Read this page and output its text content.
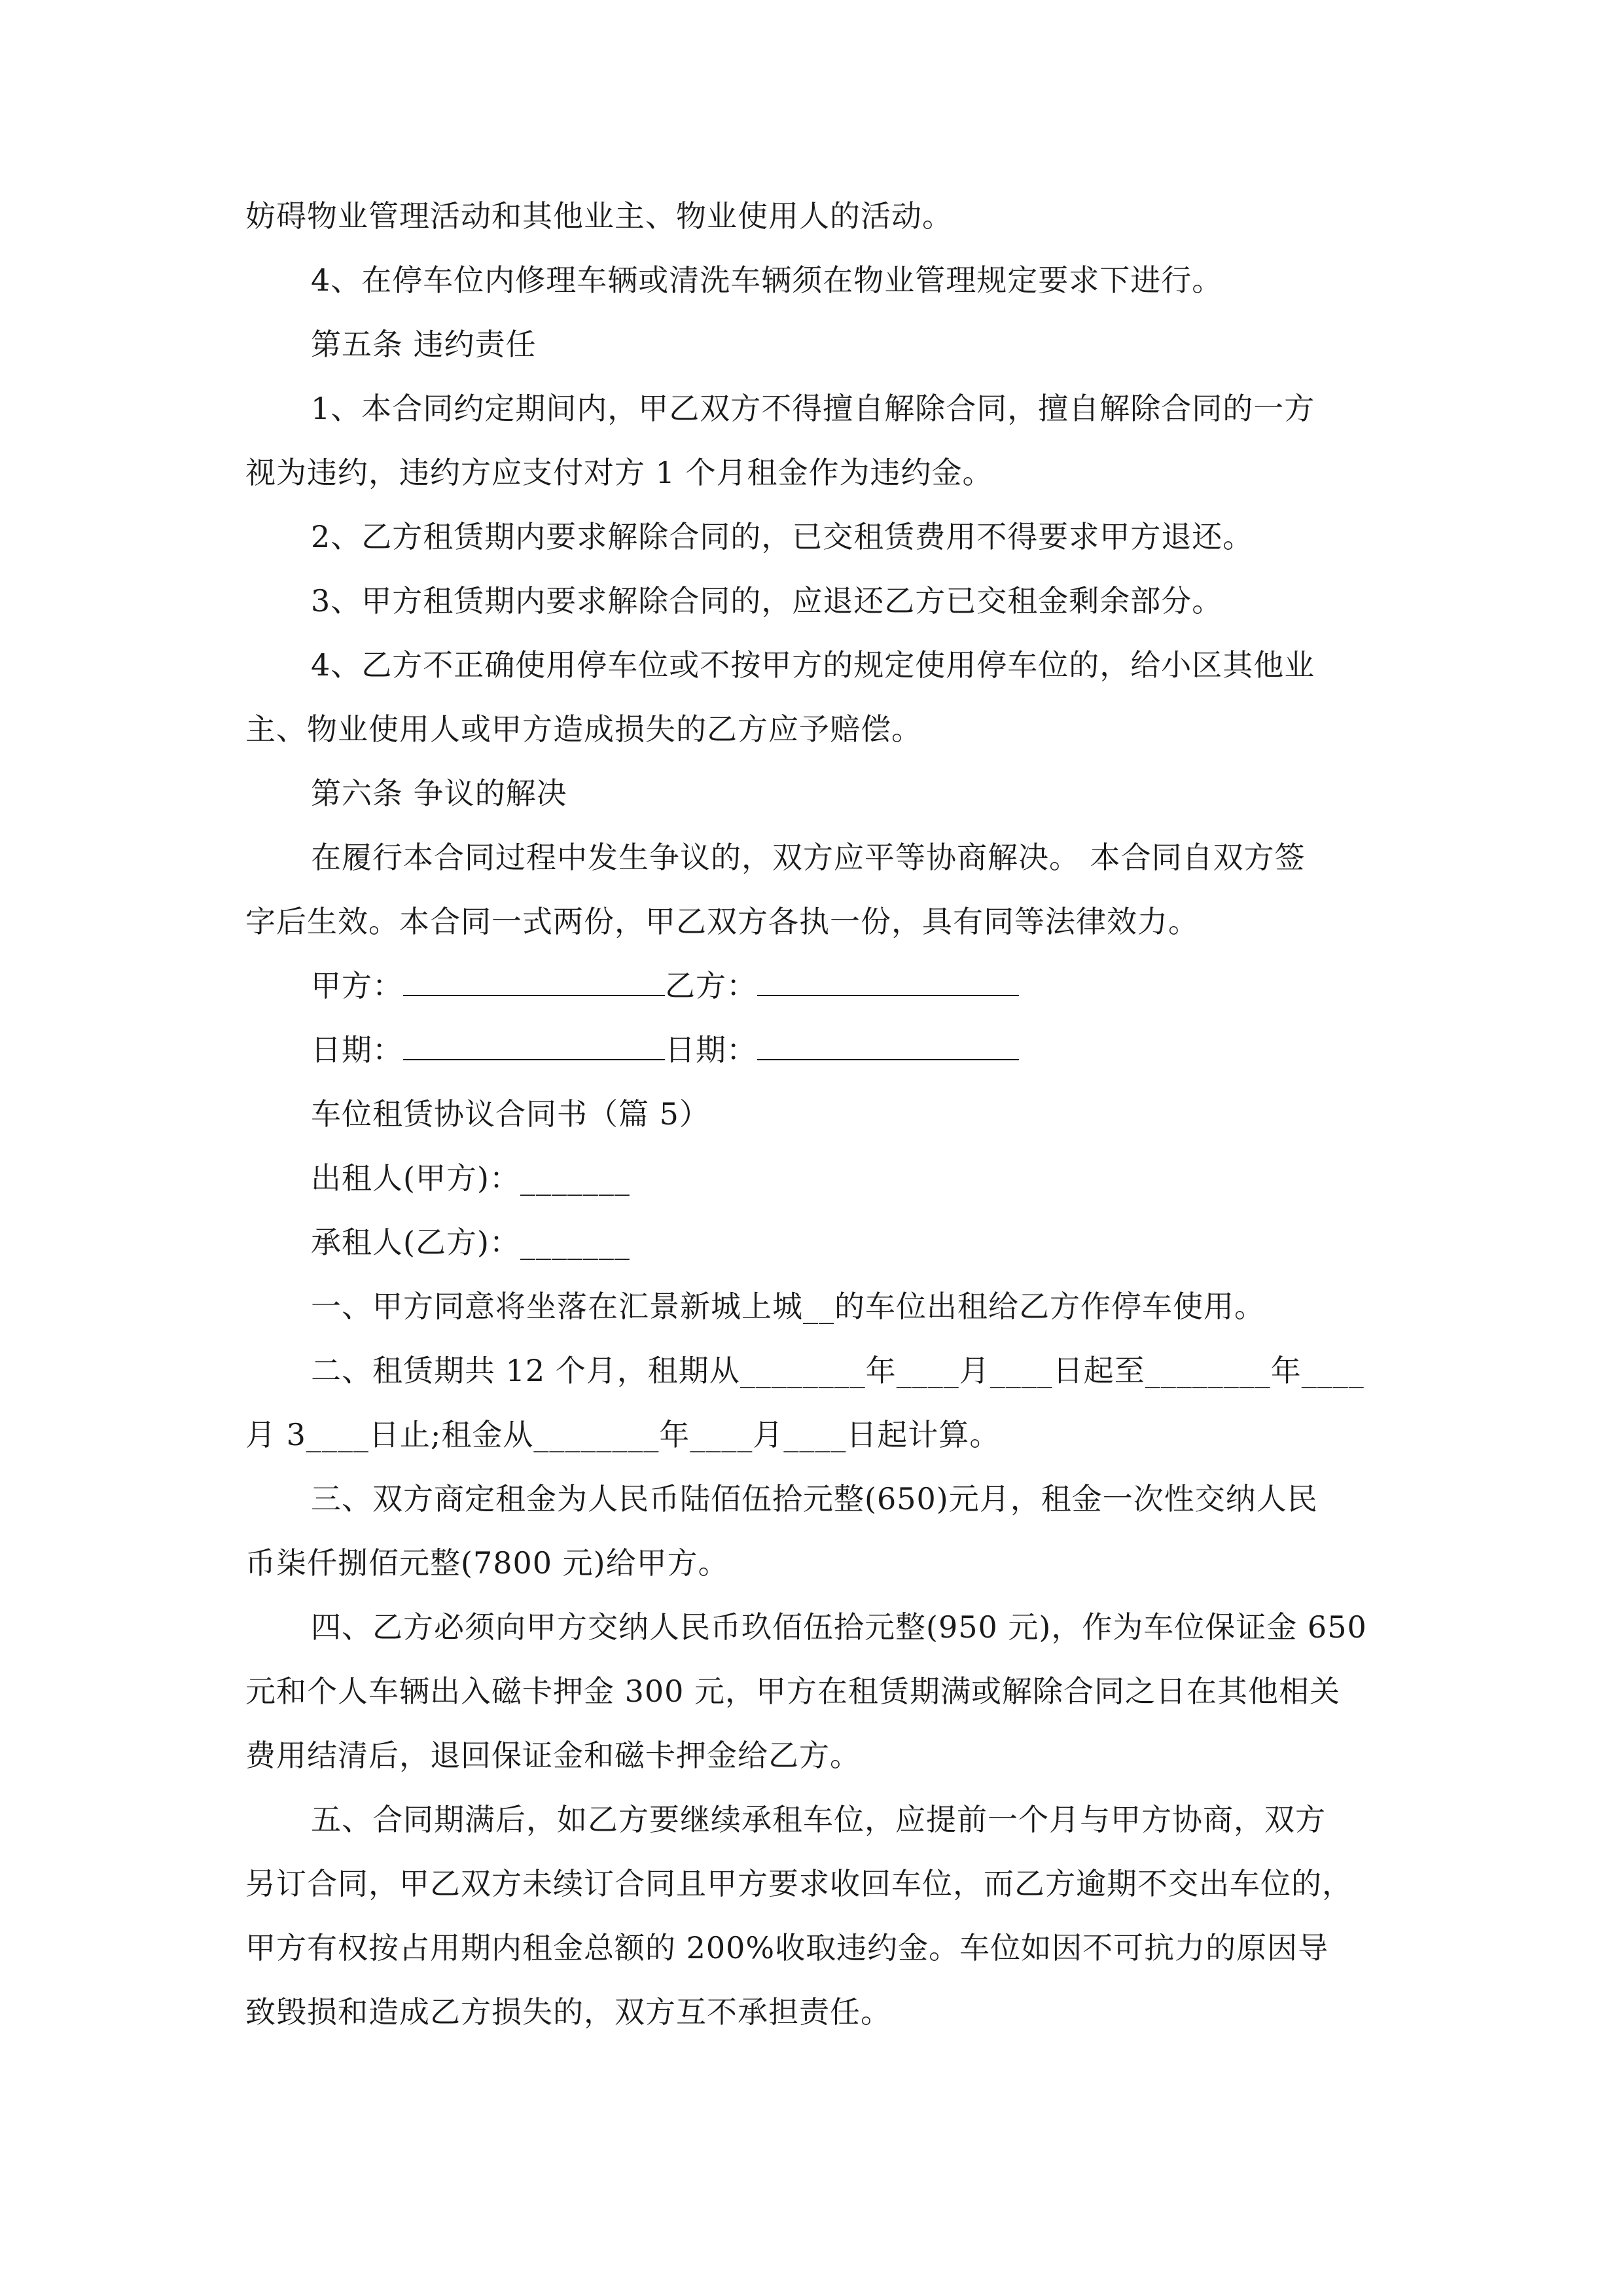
妨碍物业管理活动和其他业主、物业使用人的活动。
4、在停车位内修理车辆或清洗车辆须在物业管理规定要求下进行。
第五条 违约责任
1、本合同约定期间内，甲乙双方不得擅自解除合同，擅自解除合同的一方
视为违约，违约方应支付对方 1 个月租金作为违约金。
2、乙方租赁期内要求解除合同的，已交租赁费用不得要求甲方退还。
3、甲方租赁期内要求解除合同的，应退还乙方已交租金剩余部分。
4、乙方不正确使用停车位或不按甲方的规定使用停车位的，给小区其他业
主、物业使用人或甲方造成损失的乙方应予赔偿。
第六条 争议的解决
在履行本合同过程中发生争议的，双方应平等协商解决。 本合同自双方签
字后生效。本合同一式两份，甲乙双方各执一份，具有同等法律效力。
甲方：	乙方：
日期：	日期：
车位租赁协议合同书（篇 5）
出租人(甲方)：_______
承租人(乙方)：_______
一、甲方同意将坐落在汇景新城上城__的车位出租给乙方作停车使用。
二、租赁期共 12 个月，租期从________年____月____日起至________年____
月 3____日止;租金从________年____月____日起计算。
三、双方商定租金为人民币陆佰伍拾元整(650)元月，租金一次性交纳人民
币柒仟捌佰元整(7800 元)给甲方。
四、乙方必须向甲方交纳人民币玖佰伍拾元整(950 元)，作为车位保证金 650
元和个人车辆出入磁卡押金 300 元，甲方在租赁期满或解除合同之日在其他相关
费用结清后，退回保证金和磁卡押金给乙方。
五、合同期满后，如乙方要继续承租车位，应提前一个月与甲方协商，双方
另订合同，甲乙双方未续订合同且甲方要求收回车位，而乙方逾期不交出车位的，
甲方有权按占用期内租金总额的 200%收取违约金。车位如因不可抗力的原因导
致毁损和造成乙方损失的，双方互不承担责任。
